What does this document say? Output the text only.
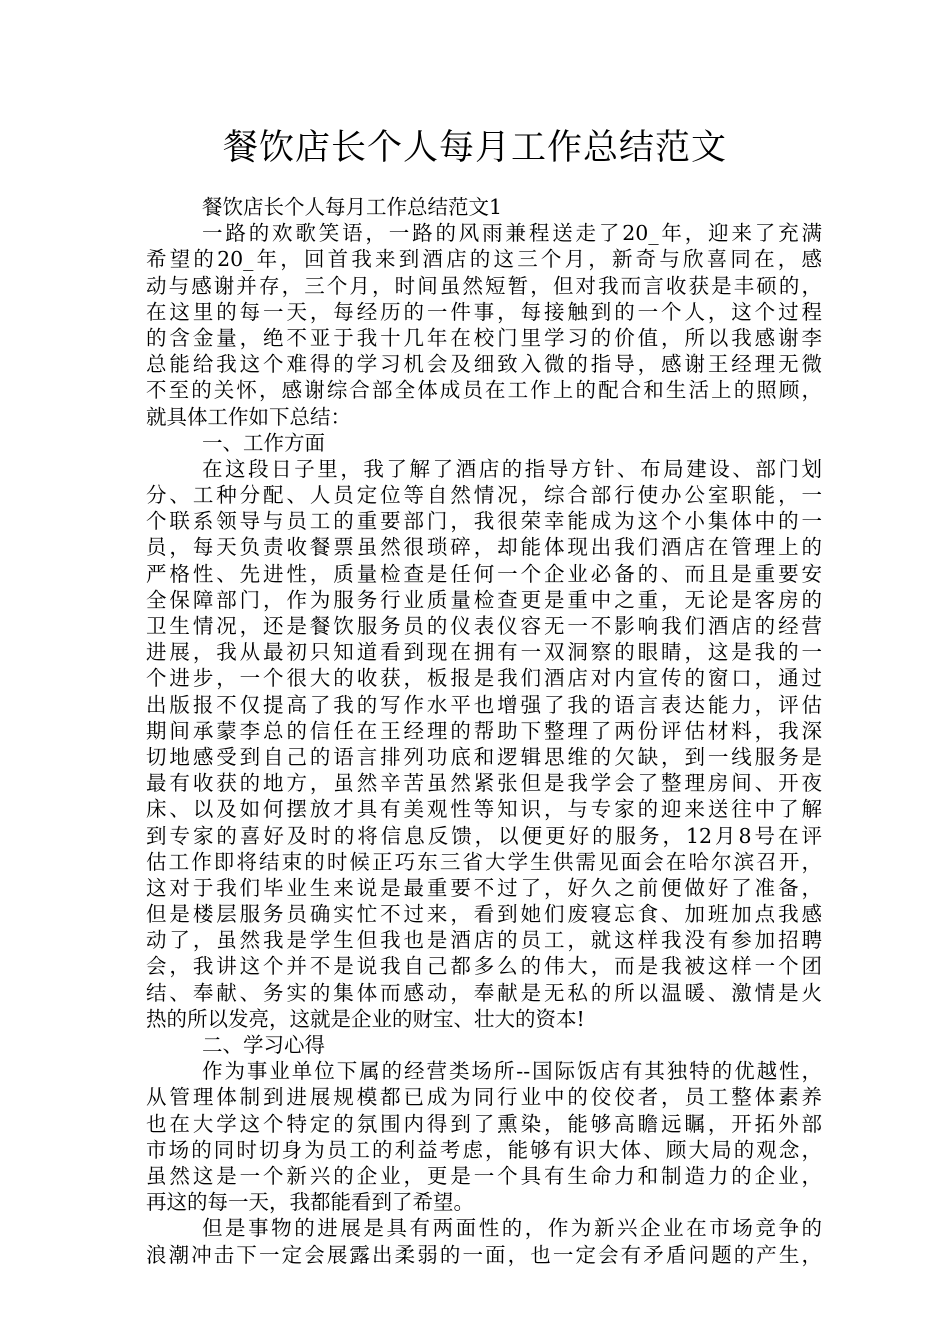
餐饮店长个人每月工作总结范文
餐饮店长个人每月工作总结范文1
一路的欢歌笑语，一路的风雨兼程送走了20_年，迎来了充满
希望的20_年，回首我来到酒店的这三个月，新奇与欣喜同在，感
动与感谢并存，三个月，时间虽然短暂，但对我而言收获是丰硕的，
在这里的每一天，每经历的一件事，每接触到的一个人，这个过程
的含金量，绝不亚于我十几年在校门里学习的价值，所以我感谢李
总能给我这个难得的学习机会及细致入微的指导，感谢王经理无微
不至的关怀，感谢综合部全体成员在工作上的配合和生活上的照顾，
就具体工作如下总结：
一、工作方面
在这段日子里，我了解了酒店的指导方针、布局建设、部门划
分、工种分配、人员定位等自然情况，综合部行使办公室职能，一
个联系领导与员工的重要部门，我很荣幸能成为这个小集体中的一
员，每天负责收餐票虽然很琐碎，却能体现出我们酒店在管理上的
严格性、先进性，质量检查是任何一个企业必备的、而且是重要安
全保障部门，作为服务行业质量检查更是重中之重，无论是客房的
卫生情况，还是餐饮服务员的仪表仪容无一不影响我们酒店的经营
进展，我从最初只知道看到现在拥有一双洞察的眼睛，这是我的一
个进步，一个很大的收获，板报是我们酒店对内宣传的窗口，通过
出版报不仅提高了我的写作水平也增强了我的语言表达能力，评估
期间承蒙李总的信任在王经理的帮助下整理了两份评估材料，我深
切地感受到自己的语言排列功底和逻辑思维的欠缺，到一线服务是
最有收获的地方，虽然辛苦虽然紧张但是我学会了整理房间、开夜
床、以及如何摆放才具有美观性等知识，与专家的迎来送往中了解
到专家的喜好及时的将信息反馈，以便更好的服务，12月8号在评
估工作即将结束的时候正巧东三省大学生供需见面会在哈尔滨召开，
这对于我们毕业生来说是最重要不过了，好久之前便做好了准备，
但是楼层服务员确实忙不过来，看到她们废寝忘食、加班加点我感
动了，虽然我是学生但我也是酒店的员工，就这样我没有参加招聘
会，我讲这个并不是说我自己都多么的伟大，而是我被这样一个团
结、奉献、务实的集体而感动，奉献是无私的所以温暖、激情是火
热的所以发亮，这就是企业的财宝、壮大的资本!
二、学习心得
作为事业单位下属的经营类场所--国际饭店有其独特的优越性，
从管理体制到进展规模都已成为同行业中的佼佼者，员工整体素养
也在大学这个特定的氛围内得到了熏染，能够高瞻远瞩，开拓外部
市场的同时切身为员工的利益考虑，能够有识大体、顾大局的观念，
虽然这是一个新兴的企业，更是一个具有生命力和制造力的企业，
再这的每一天，我都能看到了希望。
但是事物的进展是具有两面性的，作为新兴企业在市场竞争的
浪潮冲击下一定会展露出柔弱的一面，也一定会有矛盾问题的产生，
